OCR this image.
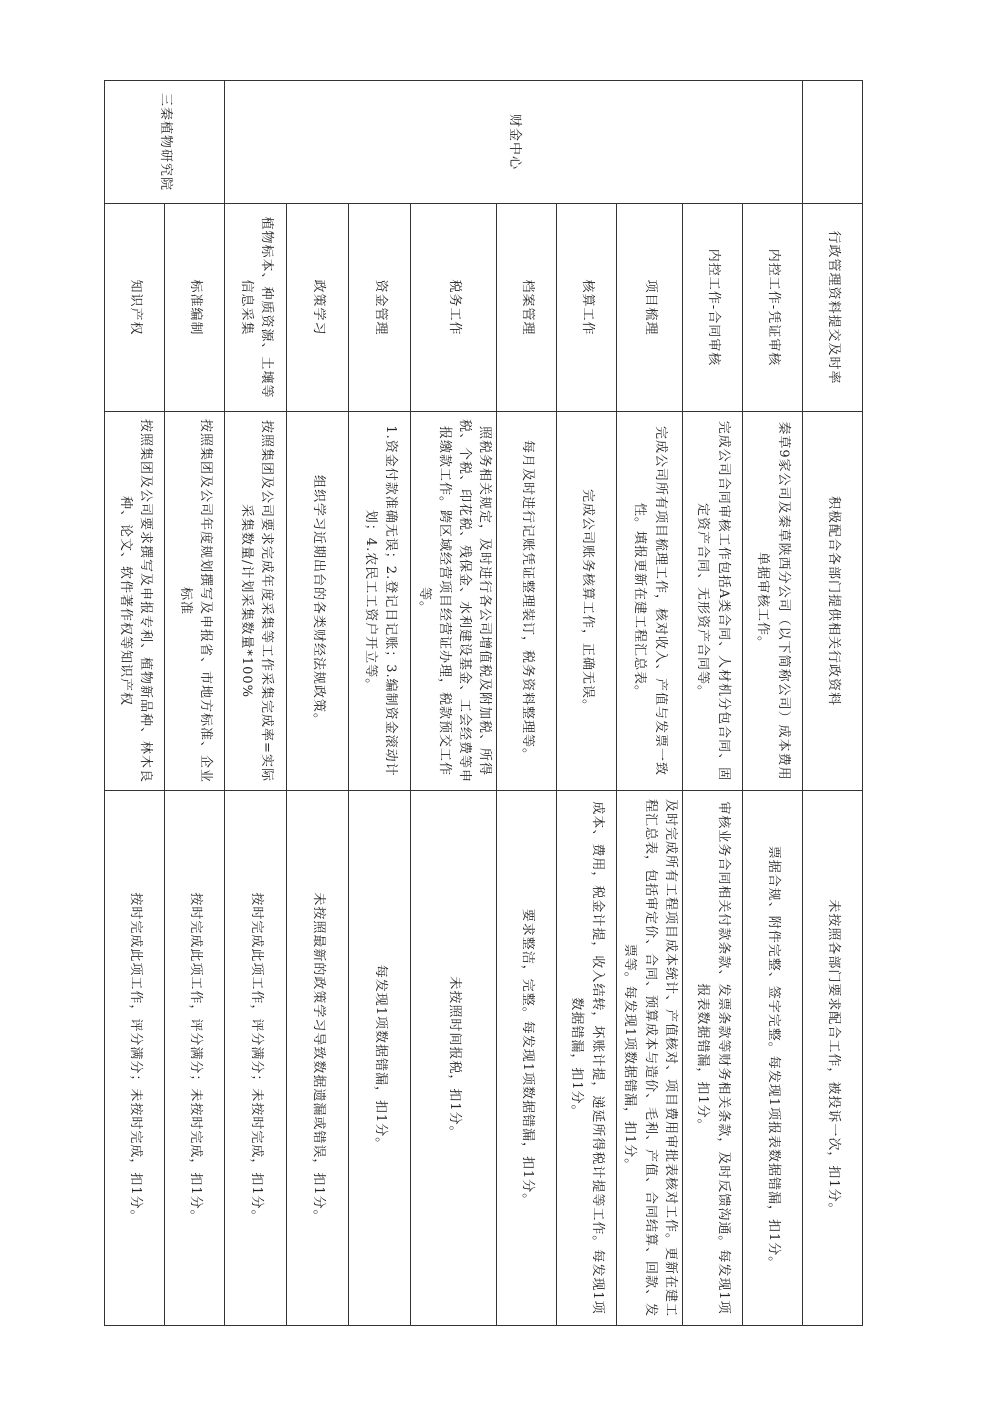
	行政管理资料提交及时率	积极配合各部门提供相关行政资料	未按照各部门要求配合工作，被投诉一次，扣1分。
财金中心	内控工作-凭证审核	秦草9家公司及秦草陕西分公司（以下简称公司）成本费用单据审核工作。	票据合规、附件完整、签字完整。每发现1项报表数据错漏，扣1分。
	内控工作-合同审核	完成公司合同审核工作包括A类合同、人材机分包合同、固定资产合同、无形资产合同等。	审核业务合同相关付款条款、发票条款等财务相关条款，及时反馈沟通。每发现1项报表数据错漏，扣1分。
	项目梳理	完成公司所有项目梳理工作，核对收入、产值与发票一致性。填报更新在建工程汇总表。	及时完成所有工程项目成本统计、产值核对、项目费用审批表核对工作。更新在建工程汇总表，包括审定价、合同、预算成本与造价、毛利、产值、合同结算、回款、发票等。每发现1项数据错漏，扣1分。
	核算工作	完成公司账务核算工作，正确无误。	成本、费用，税金计提，收入结转，坏账计提，递延所得税计提等工作。每发现1项数据错漏，扣1分。
	档案管理	每月及时进行记账凭证整理装订，税务资料整理等。	要求整洁，完整。每发现1项数据错漏，扣1分。
	税务工作	照税务相关规定，及时进行各公司增值税及附加税、所得税、个税、印花税、残保金、水利建设基金、工会经费等申报缴款工作。跨区域经营项目经营证办理，税款预交工作等。	未按照时间报税，扣1分。
	资金管理	1.资金付款准确无误；2.登记日记账；3.编制资金滚动计划；4.农民工工资户开立等。	每发现1项数据错漏，扣1分。
	政策学习	组织学习近期出台的各类财经法规政策。	未按照最新的政策学习导致数据遗漏或错误，扣1分。
	植物标本、种质资源、土壤等信息采集	按照集团及公司要求完成年度采集等工作采集完成率=实际采集数量/计划采集数量*100%	按时完成此项工作，评分满分；未按时完成，扣1分。
三秦植物研究院	标准编制	按照集团及公司年度规划撰写及申报省、市地方标准、企业标准	按时完成此项工作，评分满分；未按时完成，扣1分。
	知识产权	按照集团及公司要求撰写及申报专利、植物新品种、林木良种、论文、软件著作权等知识产权	按时完成此项工作，评分满分；未按时完成，扣1分。
